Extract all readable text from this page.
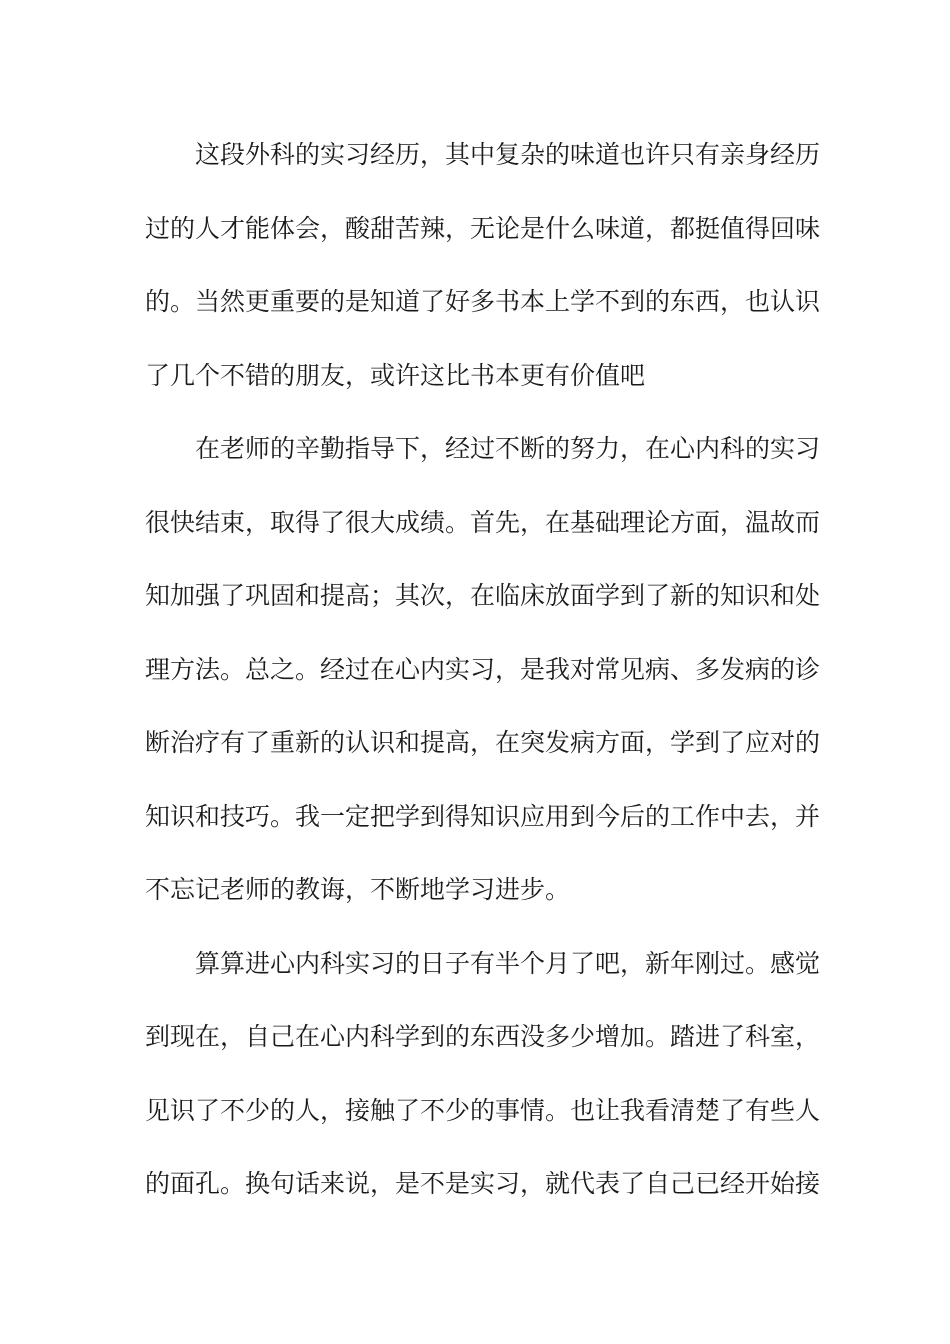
这段外科的实习经历，其中复杂的味道也许只有亲身经历
过的人才能体会，酸甜苦辣，无论是什么味道，都挺值得回味
的。当然更重要的是知道了好多书本上学不到的东西，也认识
了几个不错的朋友，或许这比书本更有价值吧
在老师的辛勤指导下，经过不断的努力，在心内科的实习
很快结束，取得了很大成绩。首先，在基础理论方面，温故而
知加强了巩固和提高；其次，在临床放面学到了新的知识和处
理方法。总之。经过在心内实习，是我对常见病、多发病的诊
断治疗有了重新的认识和提高，在突发病方面，学到了应对的
知识和技巧。我一定把学到得知识应用到今后的工作中去，并
不忘记老师的教诲，不断地学习进步。
算算进心内科实习的日子有半个月了吧，新年刚过。感觉
到现在，自己在心内科学到的东西没多少增加。踏进了科室，
见识了不少的人，接触了不少的事情。也让我看清楚了有些人
的面孔。换句话来说，是不是实习，就代表了自己已经开始接
